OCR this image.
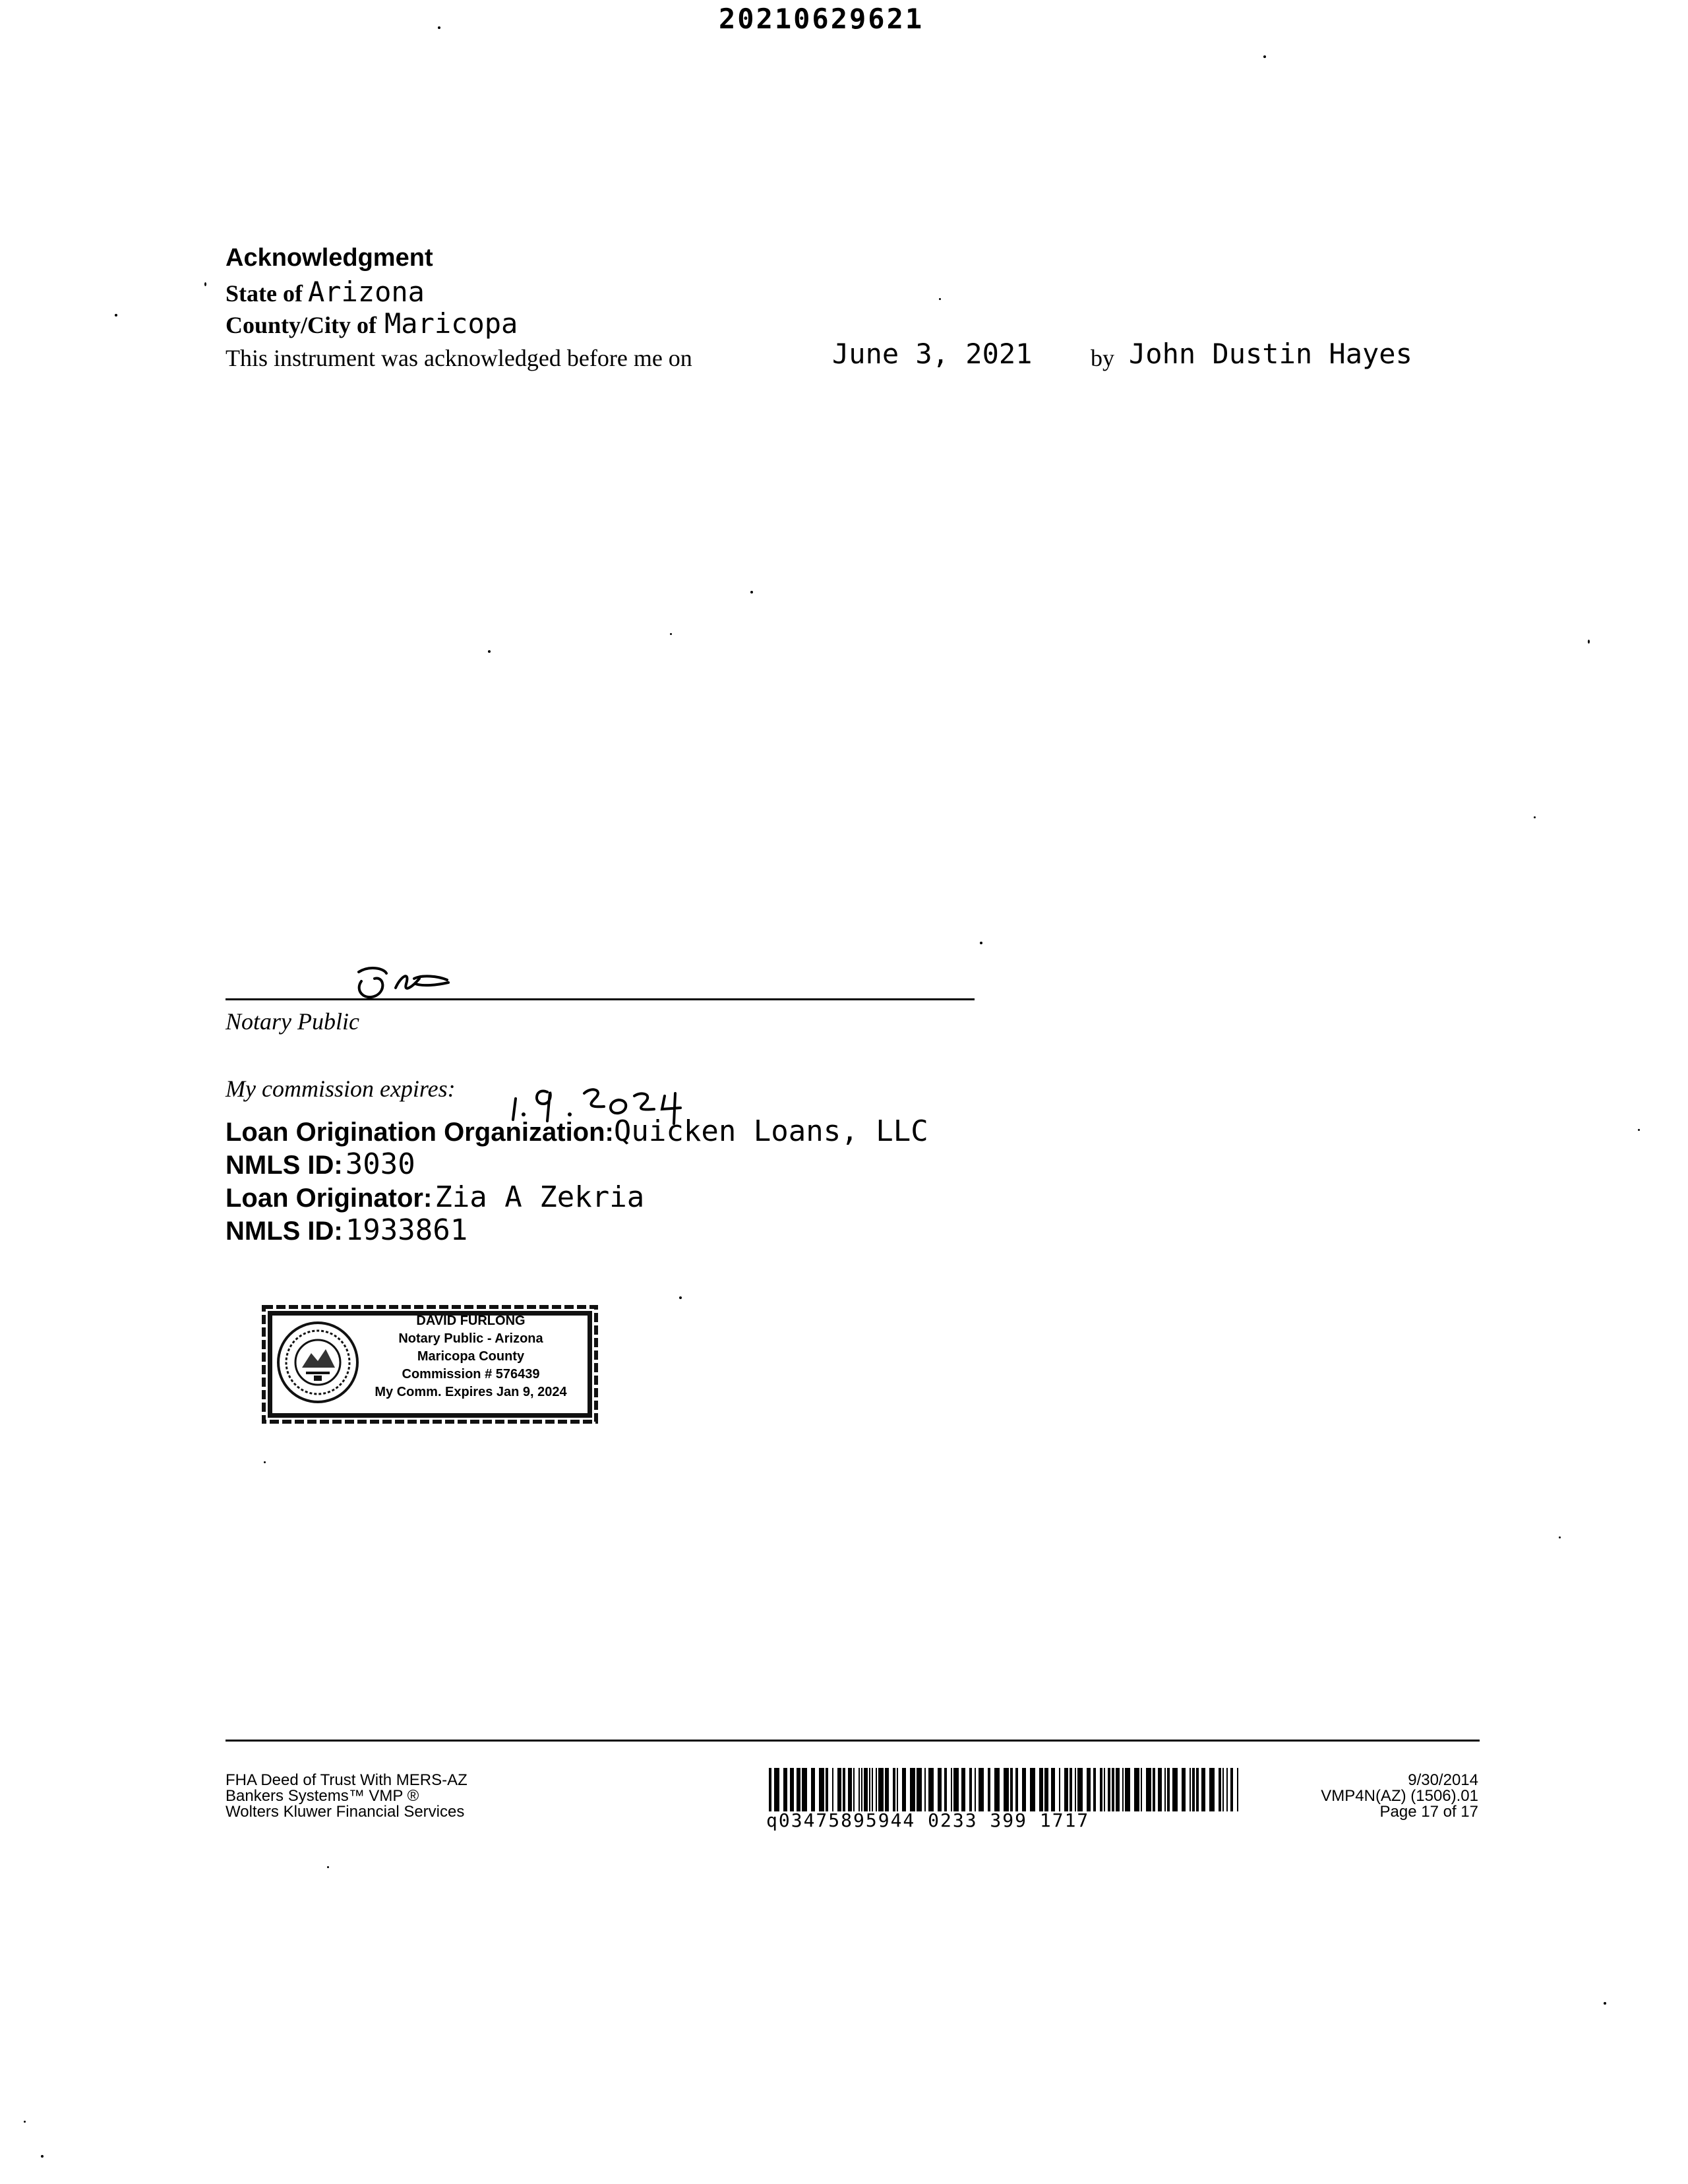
20210629621
Acknowledgment
State of Arizona
County/City of Maricopa
This instrument was acknowledged before me on	June 3, 2021 by John Dustin Hayes
Notary Public
My commission expires:
Loan Origination Organization:Quicken Loans, LLC
NMLS ID: 3030
Loan Originator: Zia A Zekria
NMLS ID: 1933861
DAVID FURLONG
Notary Public - Arizona
Maricopa County
Commission # 576439
My Comm. Expires Jan 9, 2024
FHA Deed of Trust With MERS-AZ
Bankers Systems™ VMP ®
Wolters Kluwer Financial Services	q03475895944 0233 399 1717
9/30/2014
VMP4N(AZ) (1506).01
Page 17 of 17
